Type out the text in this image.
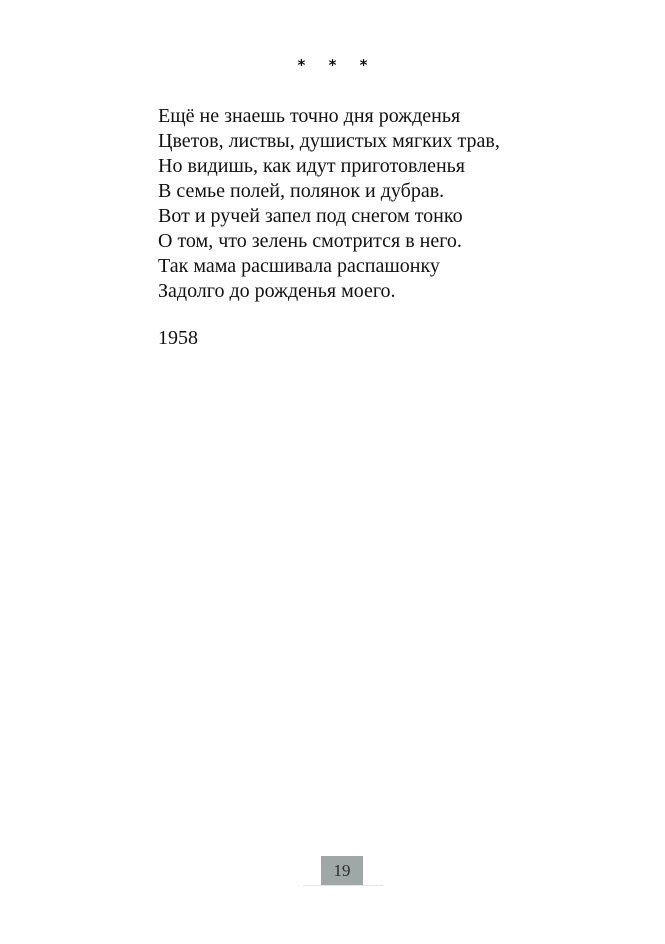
* * *
Ещё не знаешь точно дня рожденья
Цветов, листвы, душистых мягких трав,
Но видишь, как идут приготовленья
В семье полей, полянок и дубрав.
Вот и ручей запел под снегом тонко
О том, что зелень смотрится в него.
Так мама расшивала распашонку
Задолго до рожденья моего.
1958
19
